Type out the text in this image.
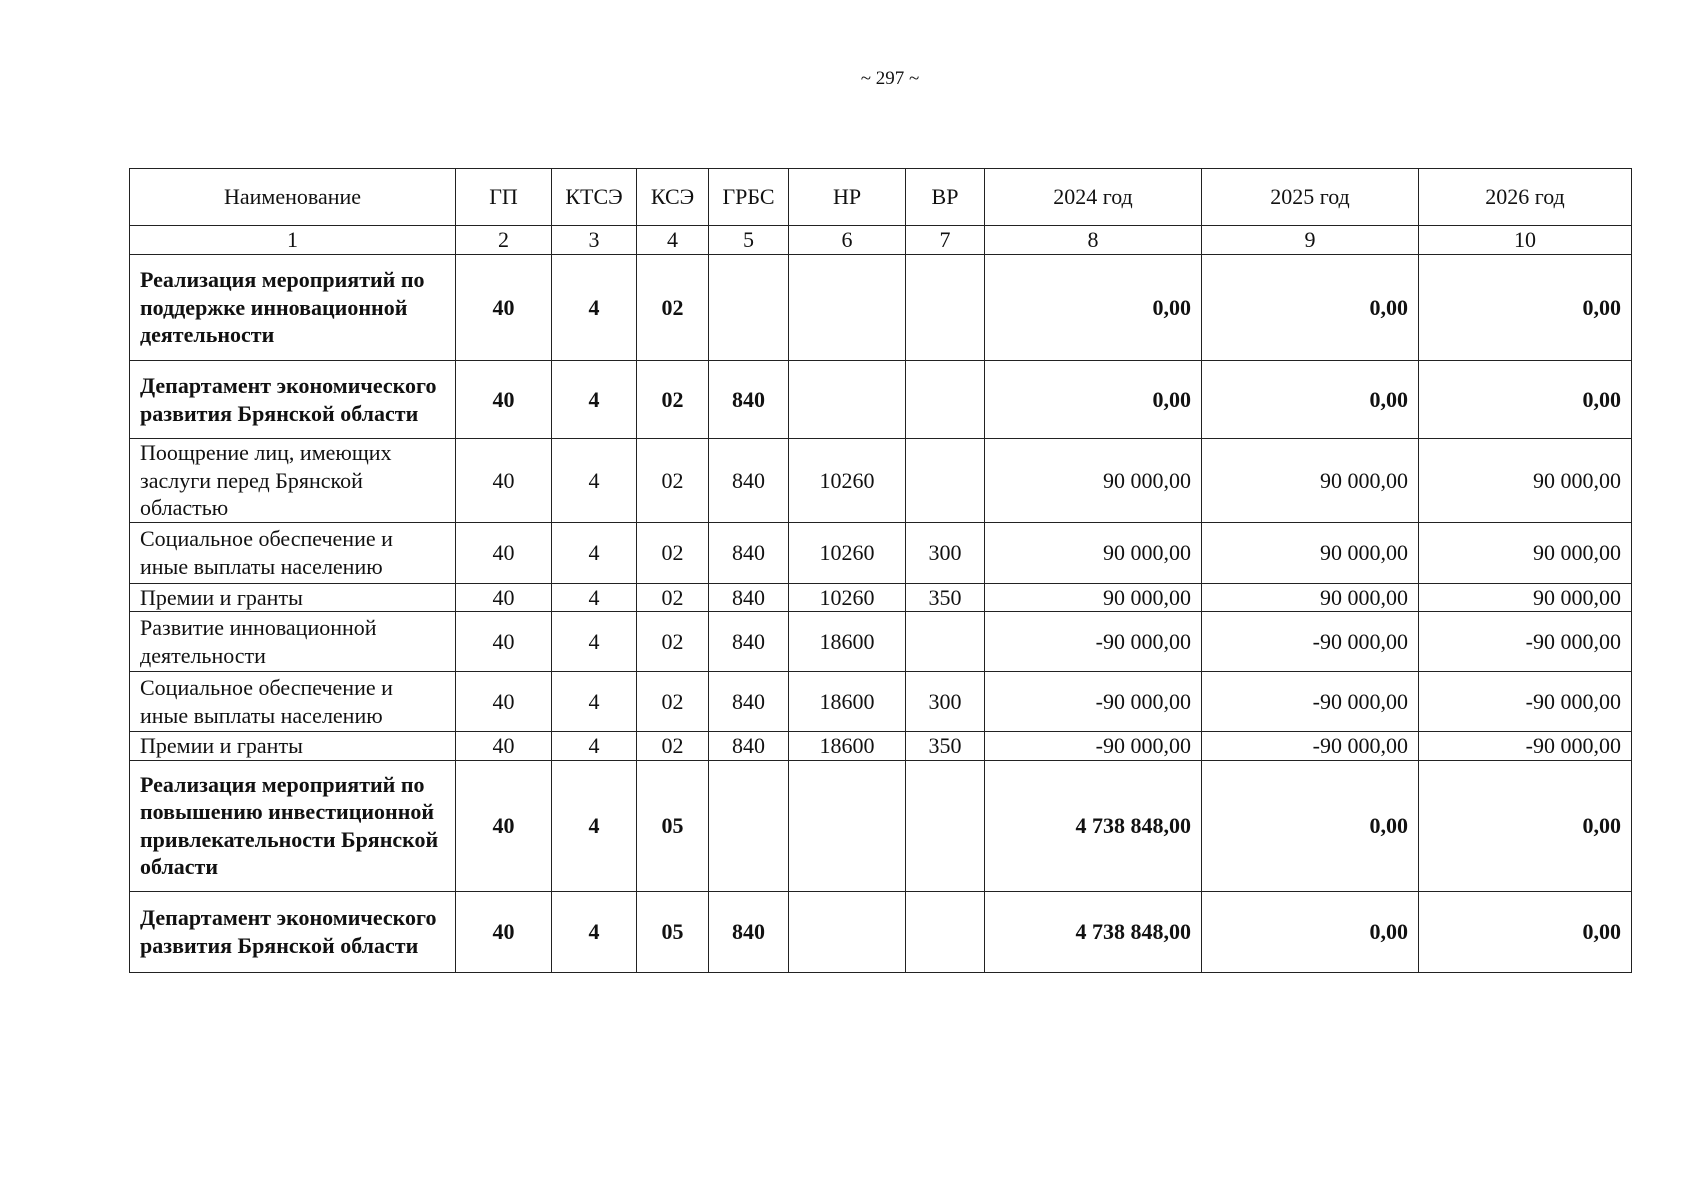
~ 297 ~
Наименование	ГП	КТСЭ	КСЭ	ГРБС	НР	ВР	2024 год	2025 год	2026 год
1	2	3	4	5	6	7	8	9	10
Реализация мероприятий по поддержке инновационной деятельности	40	4	02				0,00	0,00	0,00
Департамент экономического развития Брянской области	40	4	02	840			0,00	0,00	0,00
Поощрение лиц, имеющих заслуги перед Брянской областью	40	4	02	840	10260		90 000,00	90 000,00	90 000,00
Социальное обеспечение и иные выплаты населению	40	4	02	840	10260	300	90 000,00	90 000,00	90 000,00
Премии и гранты	40	4	02	840	10260	350	90 000,00	90 000,00	90 000,00
Развитие инновационной деятельности	40	4	02	840	18600		-90 000,00	-90 000,00	-90 000,00
Социальное обеспечение и иные выплаты населению	40	4	02	840	18600	300	-90 000,00	-90 000,00	-90 000,00
Премии и гранты	40	4	02	840	18600	350	-90 000,00	-90 000,00	-90 000,00
Реализация мероприятий по повышению инвестиционной привлекательности Брянской области	40	4	05				4 738 848,00	0,00	0,00
Департамент экономического развития Брянской области	40	4	05	840			4 738 848,00	0,00	0,00
